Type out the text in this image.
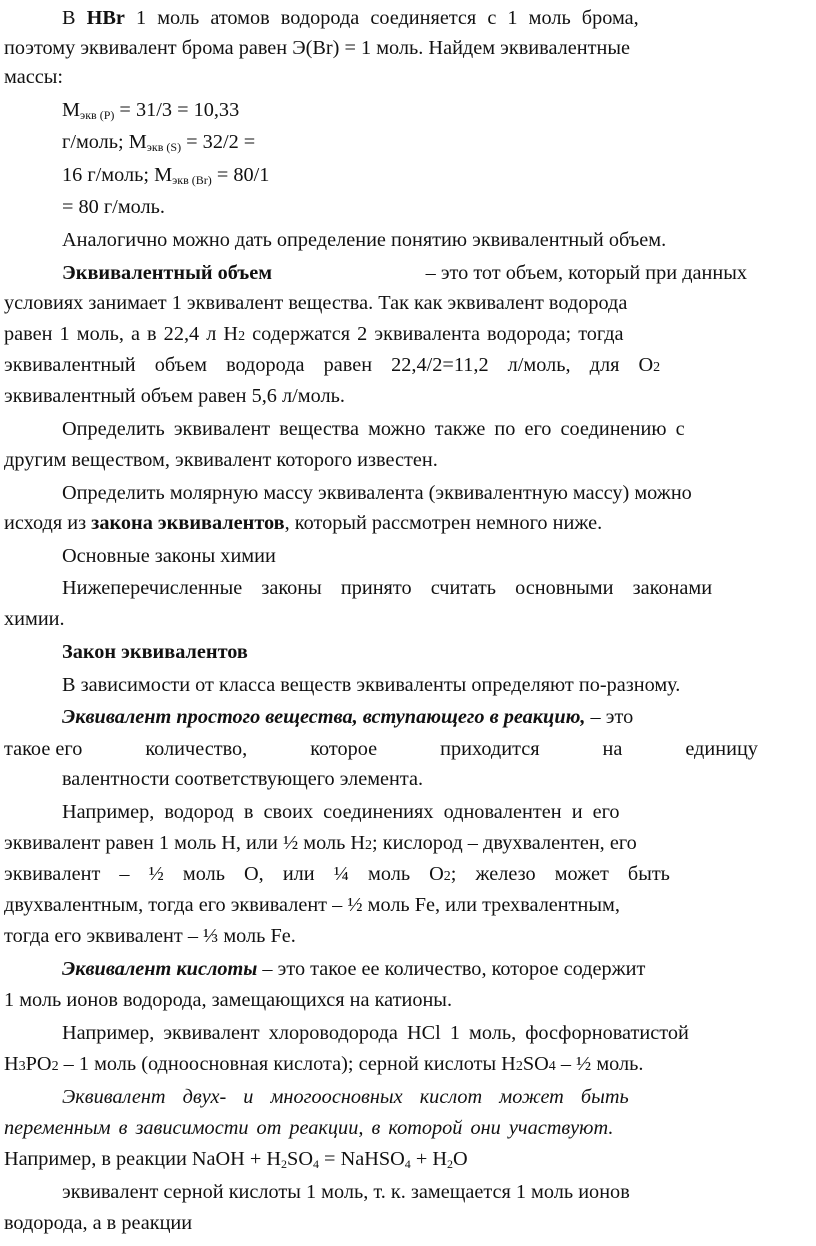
В HBr 1 моль атомов водорода соединяется с 1 моль брома,
поэтому эквивалент брома равен Э(Br) = 1 моль. Найдем эквивалентные
массы:
$M_{экв (P)} = 31/3 = 10,33$
г/моль; $M_{экв (S)} = 32/2$ =
16 г/моль; $M_{экв (Br)} = 80/1$
= 80 г/моль.
Аналогично можно дать определение понятию эквивалентный объем.
Эквивалентный объем	– это тот объем, который при данных
условиях занимает 1 эквивалент вещества. Так как эквивалент водорода
равен 1 моль, а в 22,4 л H2 содержатся 2 эквивалента водорода; тогда
эквивалентный объем водорода равен 22,4/2=11,2 л/моль, для O2
эквивалентный объем равен 5,6 л/моль.
Определить эквивалент вещества можно также по его соединению с
другим веществом, эквивалент которого известен.
Определить молярную массу эквивалента (эквивалентную массу) можно
исходя из закона эквивалентов, который рассмотрен немного ниже.
Основные законы химии
Нижеперечисленные законы принято считать основными законами
химии.
Закон эквивалентов
В зависимости от класса веществ эквиваленты определяют по-разному.
Эквивалент простого вещества, вступающего в реакцию, – это
такое его	количество,	которое	приходится	на	единицу
валентности соответствующего элемента.
Например, водород в своих соединениях одновалентен и его
эквивалент равен 1 моль H, или ½ моль H2; кислород – двухвалентен, его
эквивалент – ½ моль O, или ¼ моль O2; железо может быть
двухвалентным, тогда его эквивалент – ½ моль Fe, или трехвалентным,
тогда его эквивалент – ⅓ моль Fe.
Эквивалент кислоты – это такое ее количество, которое содержит
1 моль ионов водорода, замещающихся на катионы.
Например, эквивалент хлороводорода HCl 1 моль, фосфорноватистой
H3PO2 – 1 моль (одноосновная кислота); серной кислоты H2SO4 – ½ моль.
Эквивалент двух- и многоосновных кислот может быть
переменным в зависимости от реакции, в которой они участвуют.
Например, в реакции NaOH + $H_2SO_4$ = NaHSO$_4$ + $H_2O$
эквивалент серной кислоты 1 моль, т. к. замещается 1 моль ионов
водорода, а в реакции
